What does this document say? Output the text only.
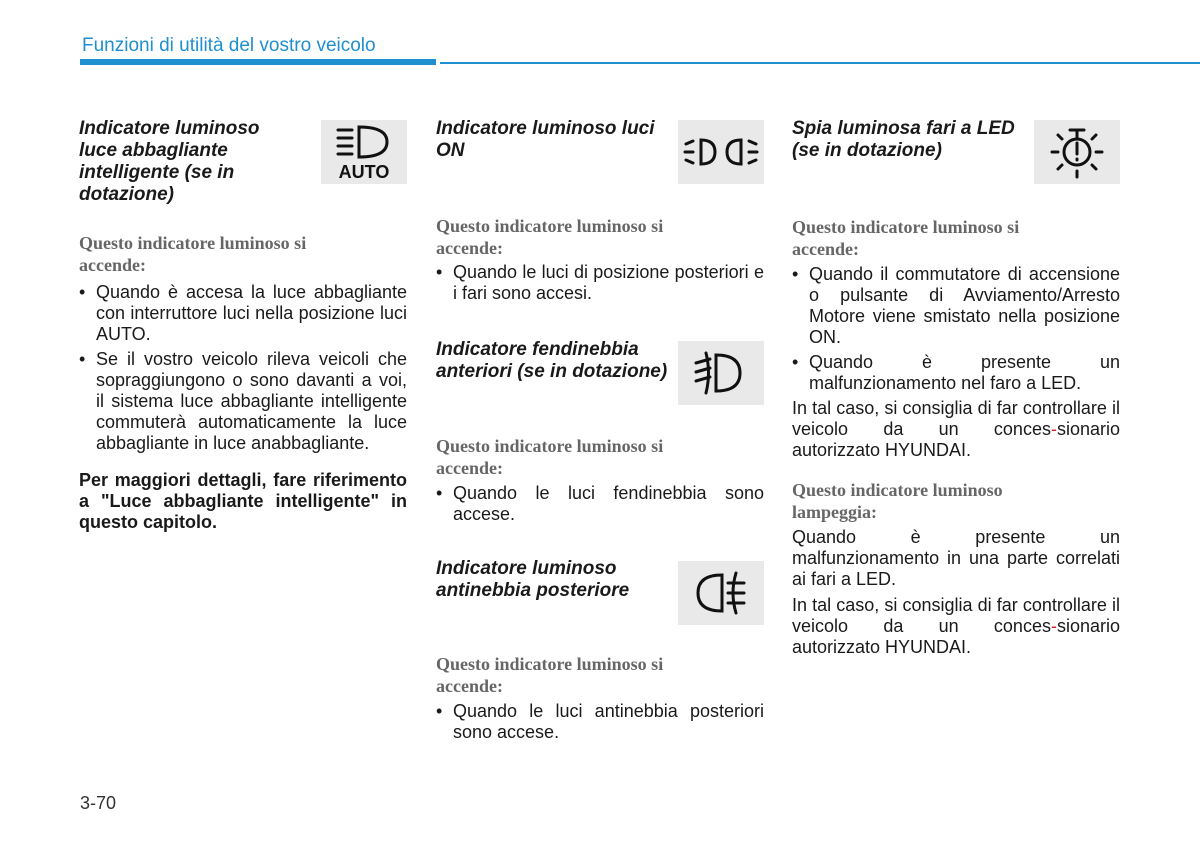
Funzioni di utilità del vostro veicolo

Indicatore luminoso luce abbagliante intelligente (se in dotazione)

AUTO

Questo indicatore luminoso si accende:

• Quando è accesa la luce abbagliante con interruttore luci nella posizione luci AUTO.
• Se il vostro veicolo rileva veicoli che sopraggiungono o sono davanti a voi, il sistema luce abbagliante intelligente commuterà automaticamente la luce abbagliante in luce anabbagliante.

Per maggiori dettagli, fare riferimento a "Luce abbagliante intelligente" in questo capitolo.

Indicatore luminoso luci ON

Questo indicatore luminoso si accende:

• Quando le luci di posizione posteriori e i fari sono accesi.

Indicatore fendinebbia anteriori (se in dotazione)

Questo indicatore luminoso si accende:

• Quando le luci fendinebbia sono accese.

Indicatore luminoso antinebbia posteriore

Questo indicatore luminoso si accende:

• Quando le luci antinebbia posteriori sono accese.

Spia luminosa fari a LED (se in dotazione)

Questo indicatore luminoso si accende:

• Quando il commutatore di accensione o pulsante di Avviamento/Arresto Motore viene smistato nella posizione ON.
• Quando è presente un malfunzionamento nel faro a LED.

In tal caso, si consiglia di far controllare il veicolo da un conces-sionario autorizzato HYUNDAI.

Questo indicatore luminoso lampeggia:

Quando è presente un malfunzionamento in una parte correlati ai fari a LED.

In tal caso, si consiglia di far controllare il veicolo da un conces-sionario autorizzato HYUNDAI.

3-70
